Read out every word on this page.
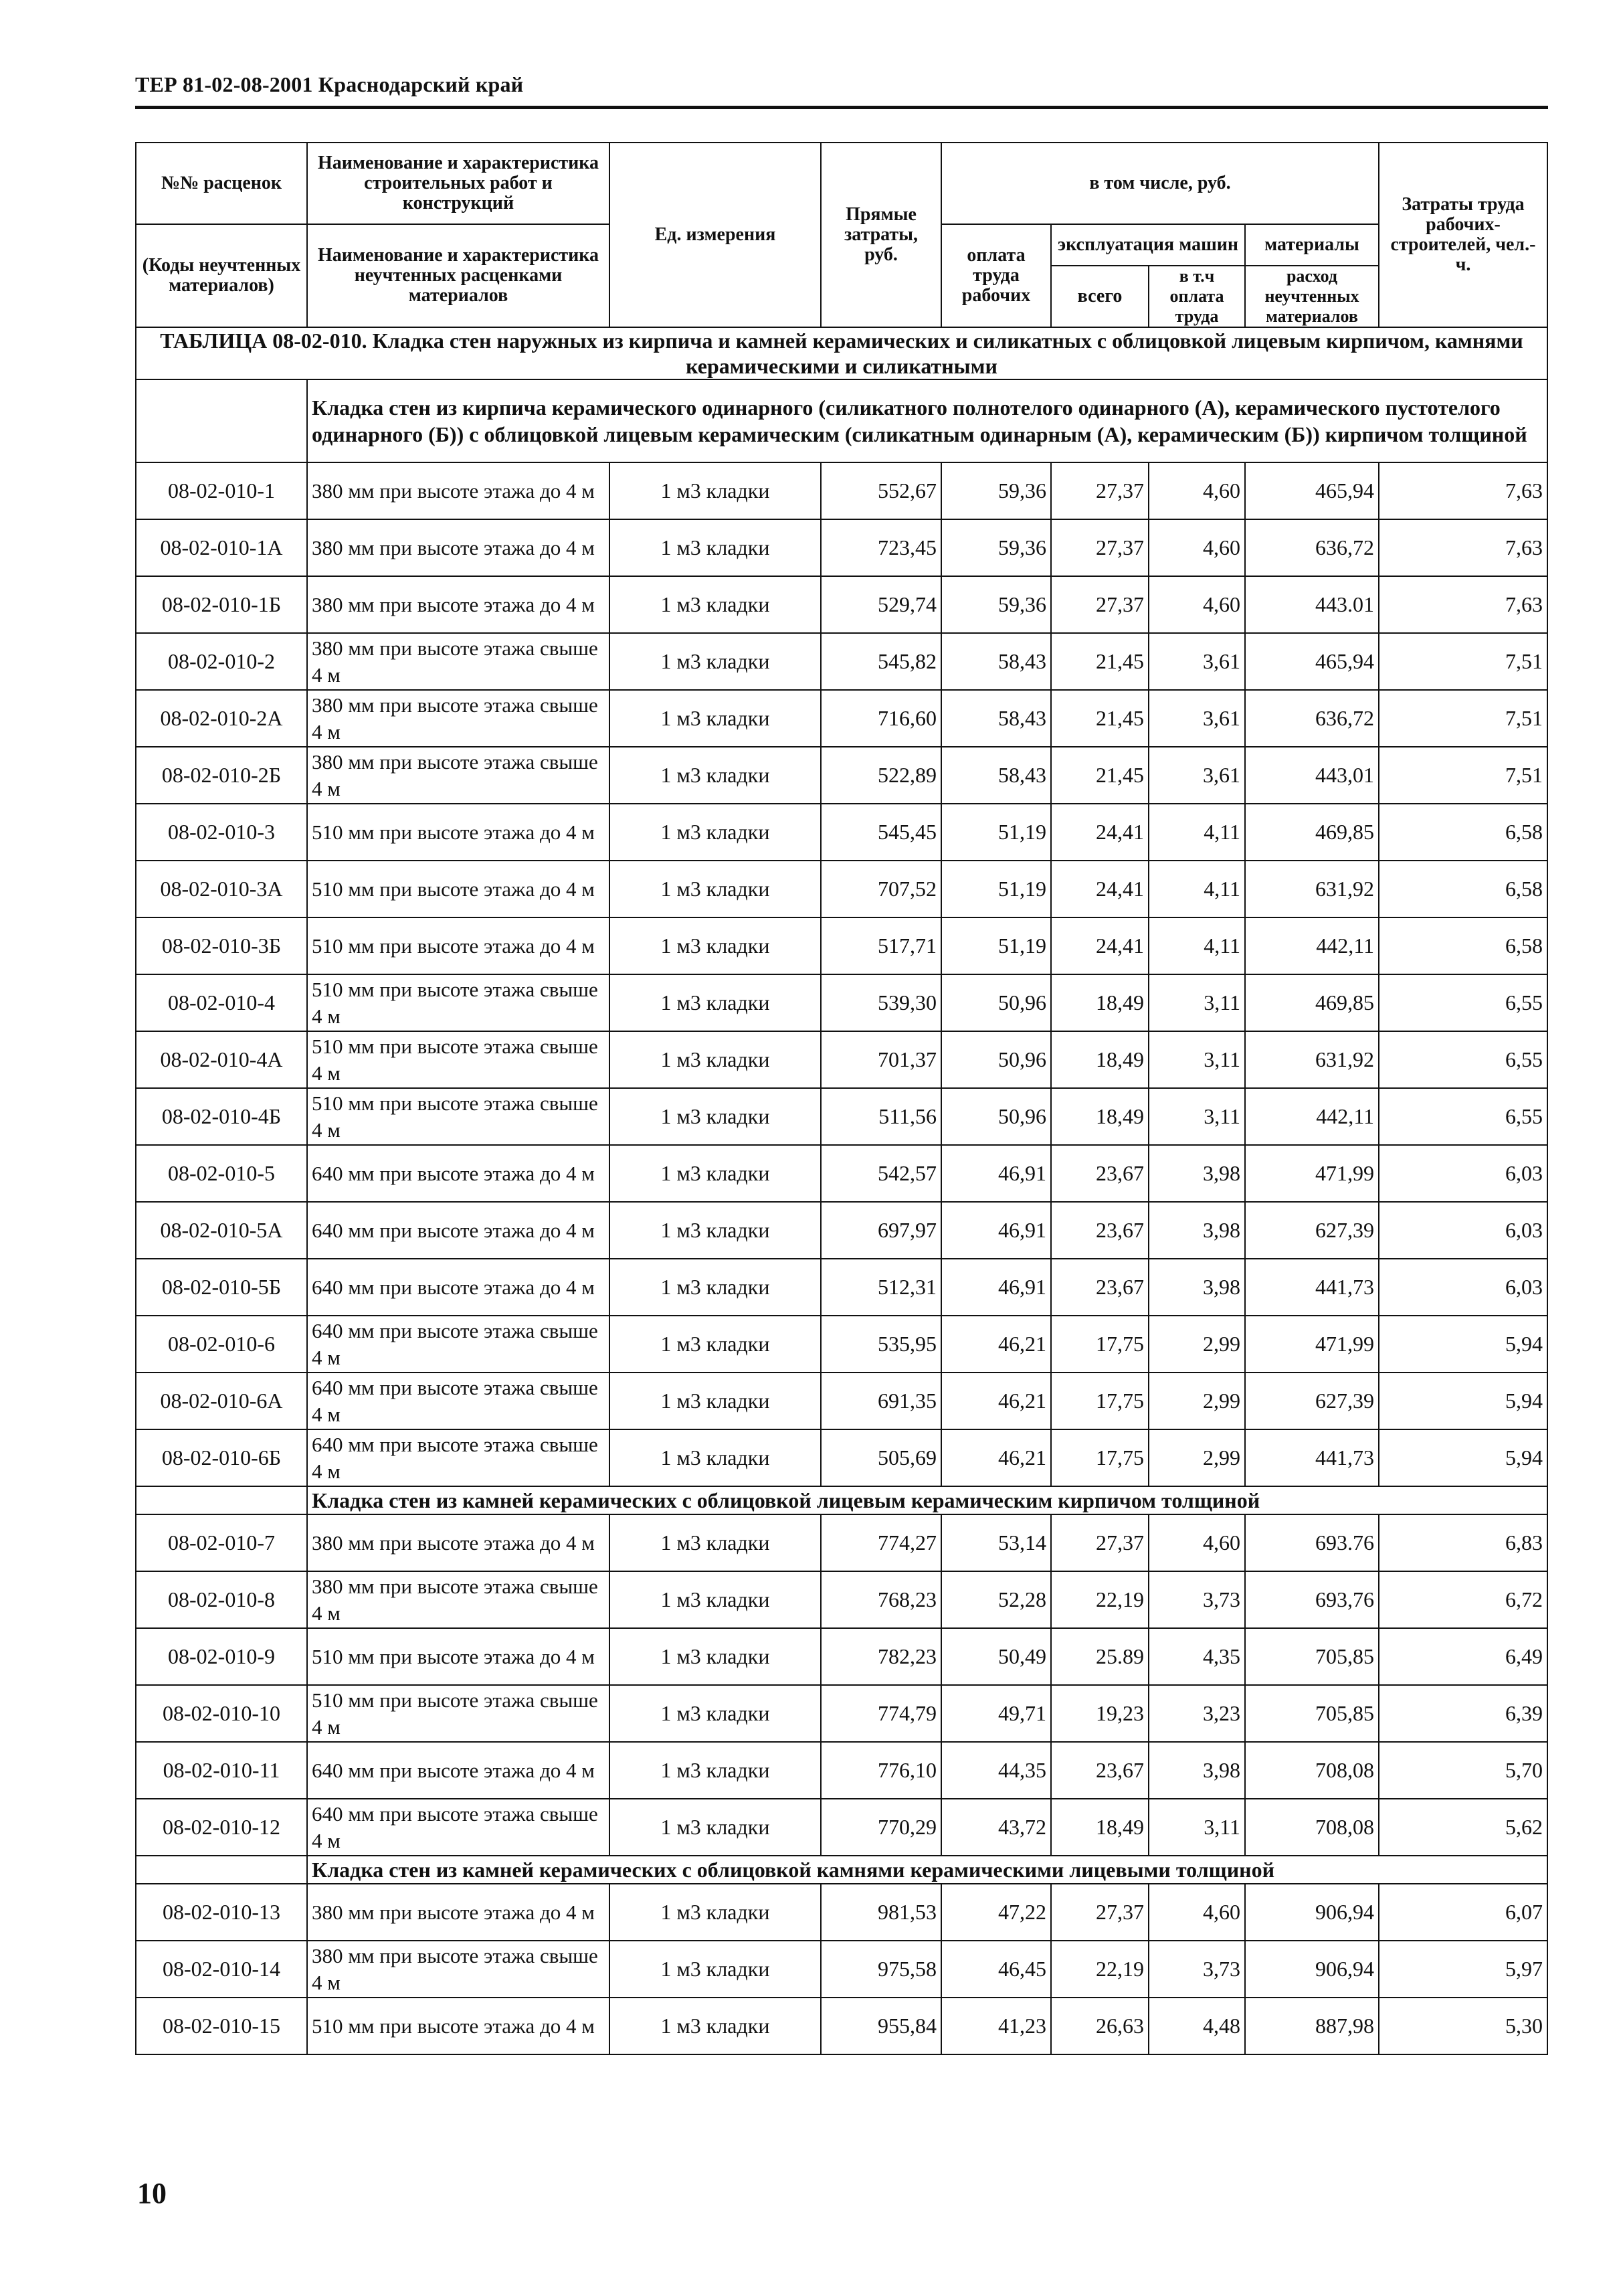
ТЕР 81-02-08-2001 Краснодарский край
№№ расценок	Наименование и характеристика строительных работ и конструкций	Ед. измерения	Прямые затраты, руб.	в том числе, руб.				Затраты труда рабочих-строителей, чел.-ч.	
(Коды неучтенных материалов)	Наименование и характеристика неучтенных расценками материалов			оплата труда рабочих	эксплуатация машин		материалы		
					всего	в т.ч оплата труда	расход неучтенных материалов		

ТАБЛИЦА 08-02-010. Кладка стен наружных из кирпича и камней керамических и силикатных с облицовкой лицевым кирпичом, камнями керамическими и силикатными									
	Кладка стен из кирпича керамического одинарного (силикатного полнотелого одинарного (А), керамического пустотелого одинарного (Б)) с облицовкой лицевым керамическим (силикатным одинарным (А), керамическим (Б)) кирпичом толщиной								
08-02-010-1	380 мм при высоте этажа до 4 м	1 м3 кладки	552,67	59,36	27,37	4,60	465,94	7,63	
08-02-010-1А	380 мм при высоте этажа до 4 м	1 м3 кладки	723,45	59,36	27,37	4,60	636,72	7,63	
08-02-010-1Б	380 мм при высоте этажа до 4 м	1 м3 кладки	529,74	59,36	27,37	4,60	443.01	7,63	
08-02-010-2	380 мм при высоте этажа свыше 4 м	1 м3 кладки	545,82	58,43	21,45	3,61	465,94	7,51	
08-02-010-2А	380 мм при высоте этажа свыше 4 м	1 м3 кладки	716,60	58,43	21,45	3,61	636,72	7,51	
08-02-010-2Б	380 мм при высоте этажа свыше 4 м	1 м3 кладки	522,89	58,43	21,45	3,61	443,01	7,51	
08-02-010-3	510 мм при высоте этажа до 4 м	1 м3 кладки	545,45	51,19	24,41	4,11	469,85	6,58	
08-02-010-3А	510 мм при высоте этажа до 4 м	1 м3 кладки	707,52	51,19	24,41	4,11	631,92	6,58	
08-02-010-3Б	510 мм при высоте этажа до 4 м	1 м3 кладки	517,71	51,19	24,41	4,11	442,11	6,58	
08-02-010-4	510 мм при высоте этажа свыше 4 м	1 м3 кладки	539,30	50,96	18,49	3,11	469,85	6,55	
08-02-010-4А	510 мм при высоте этажа свыше 4 м	1 м3 кладки	701,37	50,96	18,49	3,11	631,92	6,55	
08-02-010-4Б	510 мм при высоте этажа свыше 4 м	1 м3 кладки	511,56	50,96	18,49	3,11	442,11	6,55	
08-02-010-5	640 мм при высоте этажа до 4 м	1 м3 кладки	542,57	46,91	23,67	3,98	471,99	6,03	
08-02-010-5А	640 мм при высоте этажа до 4 м	1 м3 кладки	697,97	46,91	23,67	3,98	627,39	6,03	
08-02-010-5Б	640 мм при высоте этажа до 4 м	1 м3 кладки	512,31	46,91	23,67	3,98	441,73	6,03	
08-02-010-6	640 мм при высоте этажа свыше 4 м	1 м3 кладки	535,95	46,21	17,75	2,99	471,99	5,94	
08-02-010-6А	640 мм при высоте этажа свыше 4 м	1 м3 кладки	691,35	46,21	17,75	2,99	627,39	5,94	
08-02-010-6Б	640 мм при высоте этажа свыше 4 м	1 м3 кладки	505,69	46,21	17,75	2,99	441,73	5,94	
	Кладка стен из камней керамических с облицовкой лицевым керамическим кирпичом толщиной								
08-02-010-7	380 мм при высоте этажа до 4 м	1 м3 кладки	774,27	53,14	27,37	4,60	693.76	6,83	
08-02-010-8	380 мм при высоте этажа свыше 4 м	1 м3 кладки	768,23	52,28	22,19	3,73	693,76	6,72	
08-02-010-9	510 мм при высоте этажа до 4 м	1 м3 кладки	782,23	50,49	25.89	4,35	705,85	6,49	
08-02-010-10	510 мм при высоте этажа свыше 4 м	1 м3 кладки	774,79	49,71	19,23	3,23	705,85	6,39	
08-02-010-11	640 мм при высоте этажа до 4 м	1 м3 кладки	776,10	44,35	23,67	3,98	708,08	5,70	
08-02-010-12	640 мм при высоте этажа свыше 4 м	1 м3 кладки	770,29	43,72	18,49	3,11	708,08	5,62	
	Кладка стен из камней керамических с облицовкой камнями керамическими лицевыми толщиной								
08-02-010-13	380 мм при высоте этажа до 4 м	1 м3 кладки	981,53	47,22	27,37	4,60	906,94	6,07	
08-02-010-14	380 мм при высоте этажа свыше 4 м	1 м3 кладки	975,58	46,45	22,19	3,73	906,94	5,97	
08-02-010-15	510 мм при высоте этажа до 4 м	1 м3 кладки	955,84	41,23	26,63	4,48	887,98	5,30	
10
